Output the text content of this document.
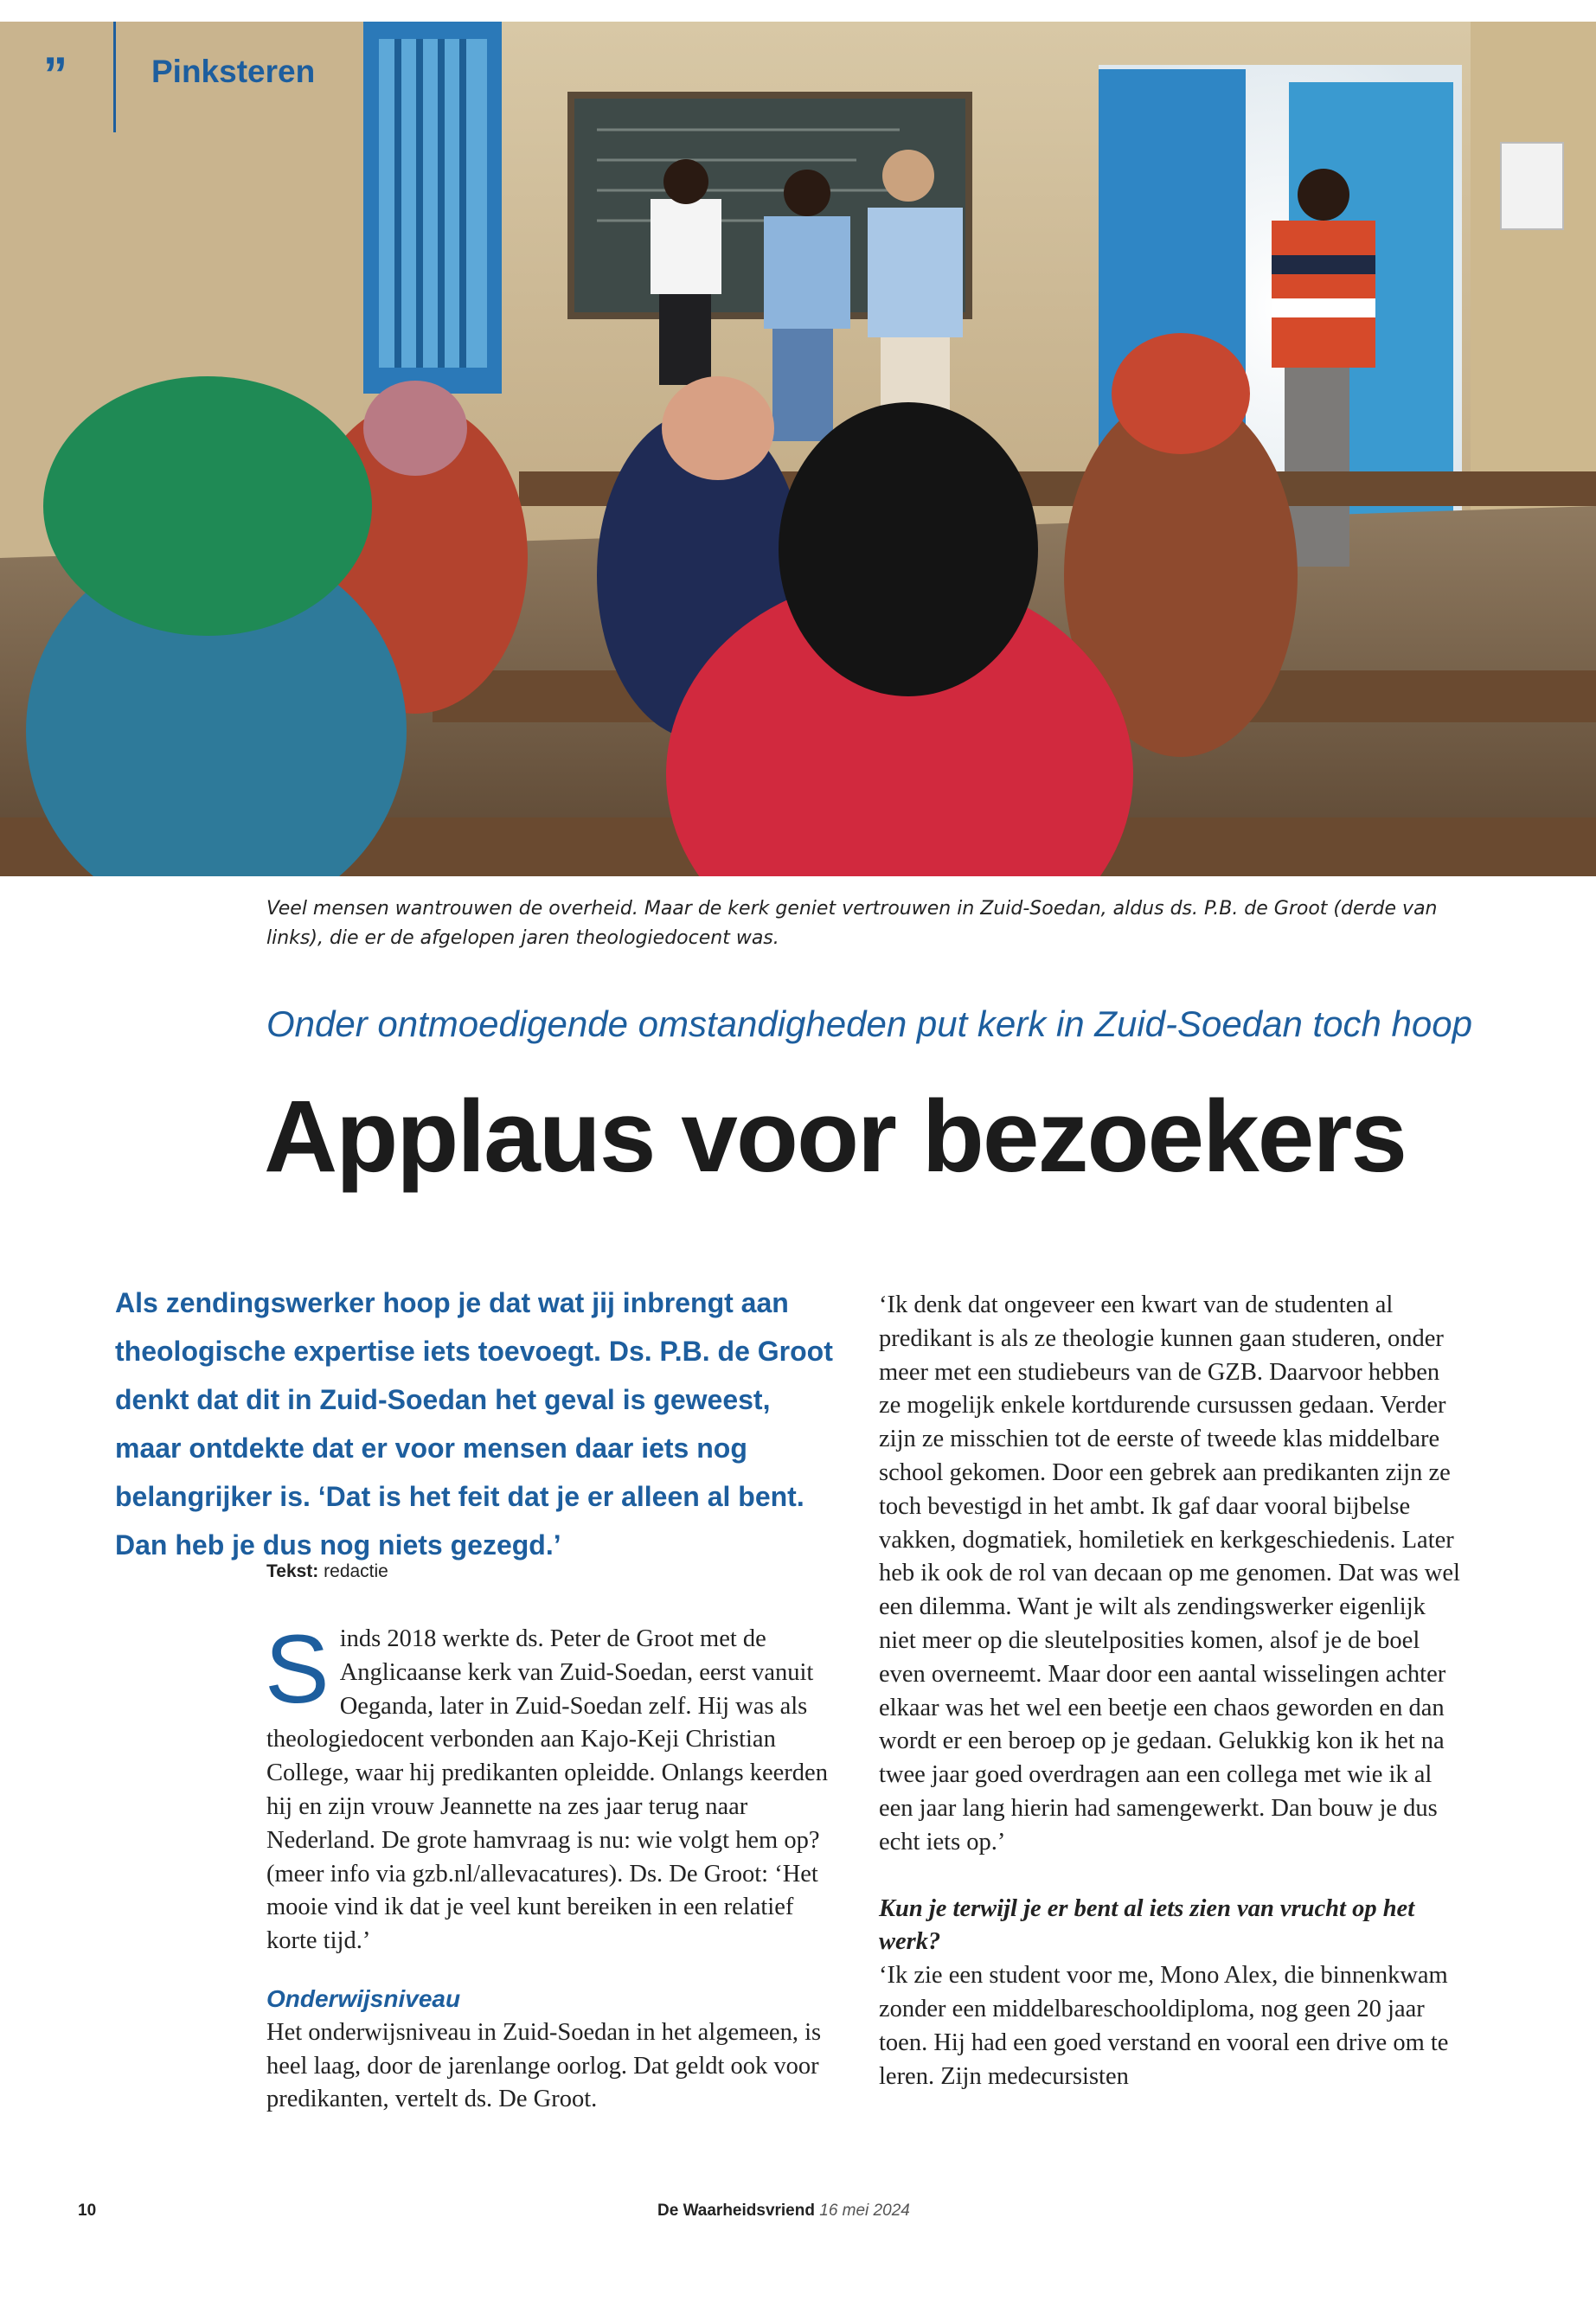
”	Pinksteren
Veel mensen wantrouwen de overheid. Maar de kerk geniet vertrouwen in Zuid-Soedan, aldus ds. P.B. de Groot (derde van links), die er de afgelopen jaren theologiedocent was.
Onder ontmoedigende omstandigheden put kerk in Zuid-Soedan toch hoop
Applaus voor bezoekers
Als zendingswerker hoop je dat wat jij inbrengt aan theologische expertise iets toevoegt. Ds. P.B. de Groot denkt dat dit in Zuid-Soedan het geval is geweest, maar ontdekte dat er voor mensen daar iets nog belangrijker is. ‘Dat is het feit dat je er alleen al bent. Dan heb je dus nog niets gezegd.’
Tekst: redactie

Sinds 2018 werkte ds. Peter de Groot met de Anglicaanse kerk van Zuid-Soedan, eerst vanuit Oeganda, later in Zuid-Soedan zelf. Hij was als theologiedocent verbonden aan Kajo-Keji Christian College, waar hij predikanten opleidde. Onlangs keerden hij en zijn vrouw Jeannette na zes jaar terug naar Nederland. De grote hamvraag is nu: wie volgt hem op? (meer info via gzb.nl/allevacatures). Ds. De Groot: ‘Het mooie vind ik dat je veel kunt bereiken in een relatief korte tijd.’

Onderwijsniveau

Het onderwijsniveau in Zuid-Soedan in het algemeen, is heel laag, door de jarenlange oorlog. Dat geldt ook voor predikanten, vertelt ds. De Groot.

‘Ik denk dat ongeveer een kwart van de studenten al predikant is als ze theologie kunnen gaan studeren, onder meer met een studiebeurs van de GZB. Daarvoor hebben ze mogelijk enkele kortdurende cursussen gedaan. Verder zijn ze misschien tot de eerste of tweede klas middelbare school gekomen. Door een gebrek aan predikanten zijn ze toch bevestigd in het ambt. Ik gaf daar vooral bijbelse vakken, dogmatiek, homiletiek en kerkgeschiedenis. Later heb ik ook de rol van decaan op me genomen. Dat was wel een dilemma. Want je wilt als zendingswerker eigenlijk niet meer op die sleutelposities komen, alsof je de boel even overneemt. Maar door een aantal wisselingen achter elkaar was het wel een beetje een chaos geworden en dan wordt er een beroep op je gedaan. Gelukkig kon ik het na twee jaar goed overdragen aan een collega met wie ik al een jaar lang hierin had samengewerkt. Dan bouw je dus echt iets op.’

Kun je terwijl je er bent al iets zien van vrucht op het werk?

‘Ik zie een student voor me, Mono Alex, die binnenkwam zonder een middelbareschooldiploma, nog geen 20 jaar toen. Hij had een goed verstand en vooral een drive om te leren. Zijn medecursisten

10	De Waarheidsvriend 16 mei 2024
